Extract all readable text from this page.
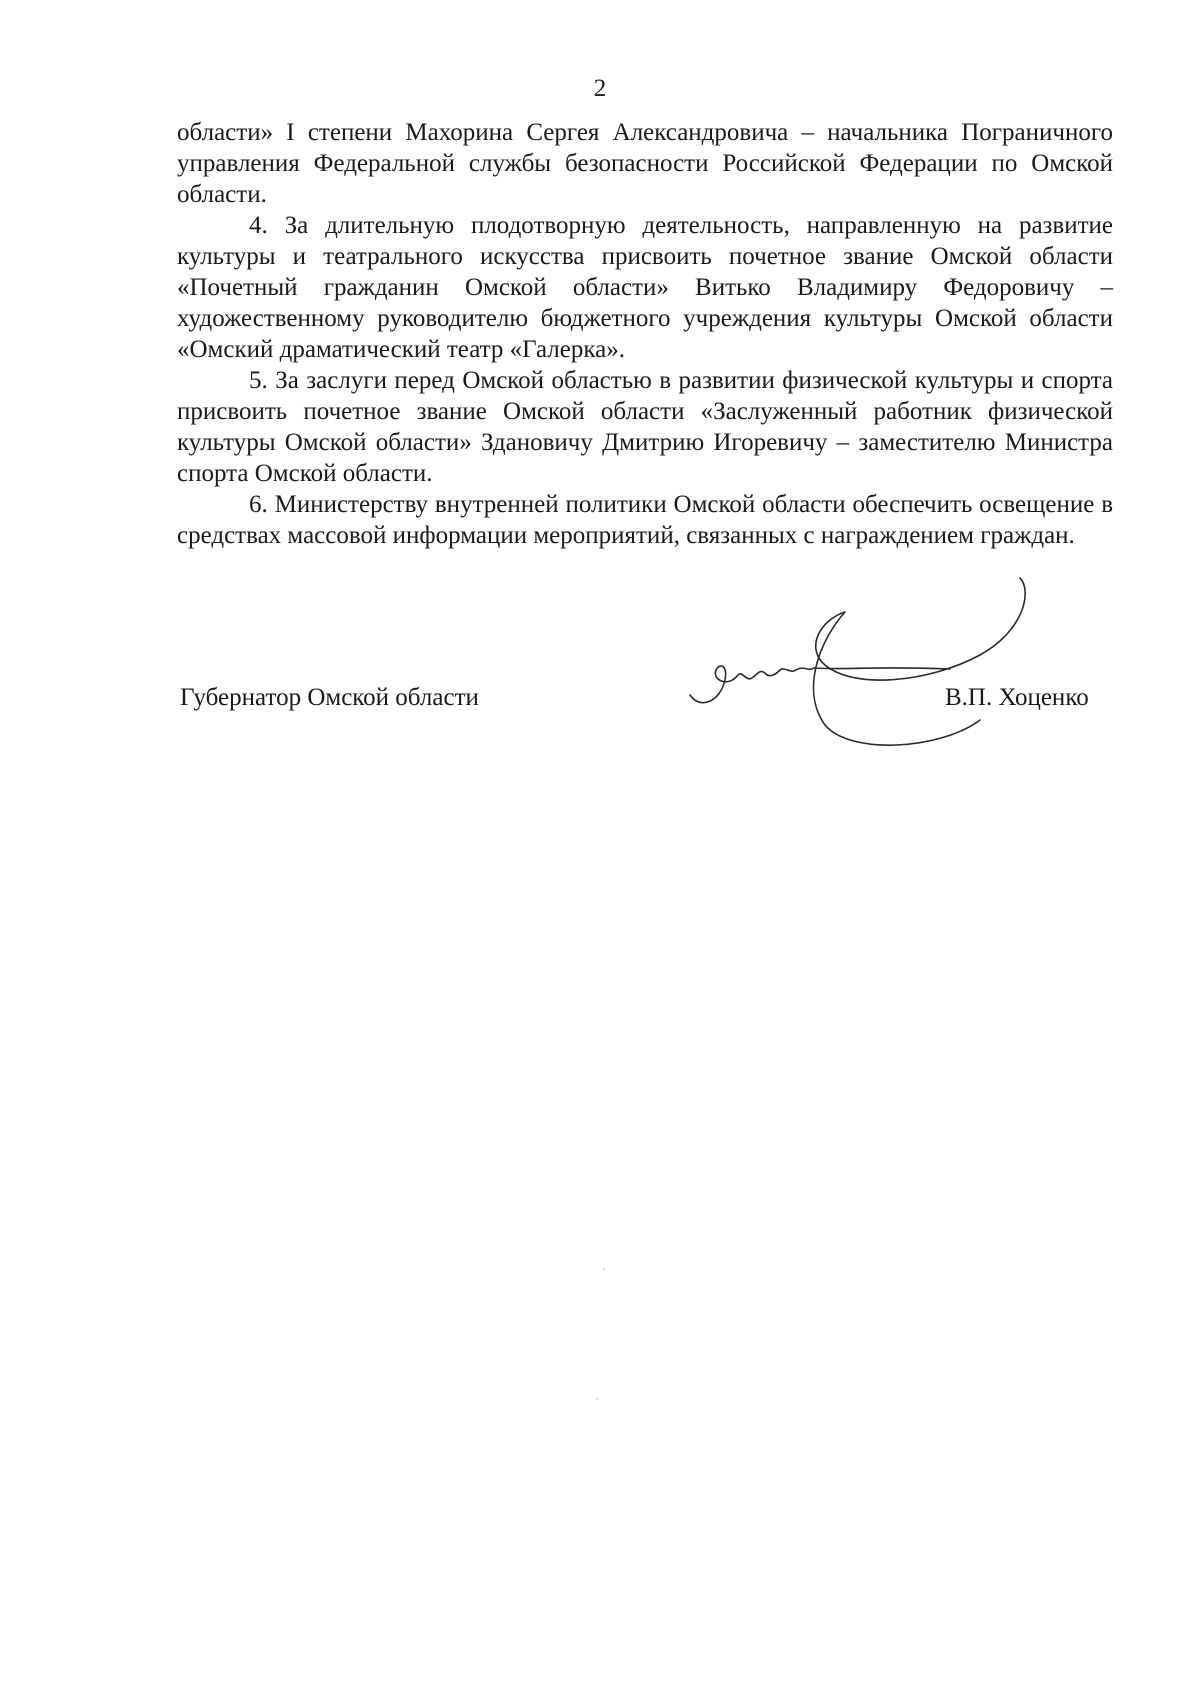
2

области» I степени Махорина Сергея Александровича – начальника Пограничного управления Федеральной службы безопасности Российской Федерации по Омской области.

4. За длительную плодотворную деятельность, направленную на развитие культуры и театрального искусства присвоить почетное звание Омской области «Почетный гражданин Омской области» Витько Владимиру Федоровичу – художественному руководителю бюджетного учреждения культуры Омской области «Омский драматический театр «Галерка».

5. За заслуги перед Омской областью в развитии физической культуры и спорта присвоить почетное звание Омской области «Заслуженный работник физической культуры Омской области» Здановичу Дмитрию Игоревичу – заместителю Министра спорта Омской области.

6. Министерству внутренней политики Омской области обеспечить освещение в средствах массовой информации мероприятий, связанных с награждением граждан.

Губернатор Омской области	В.П. Хоценко
